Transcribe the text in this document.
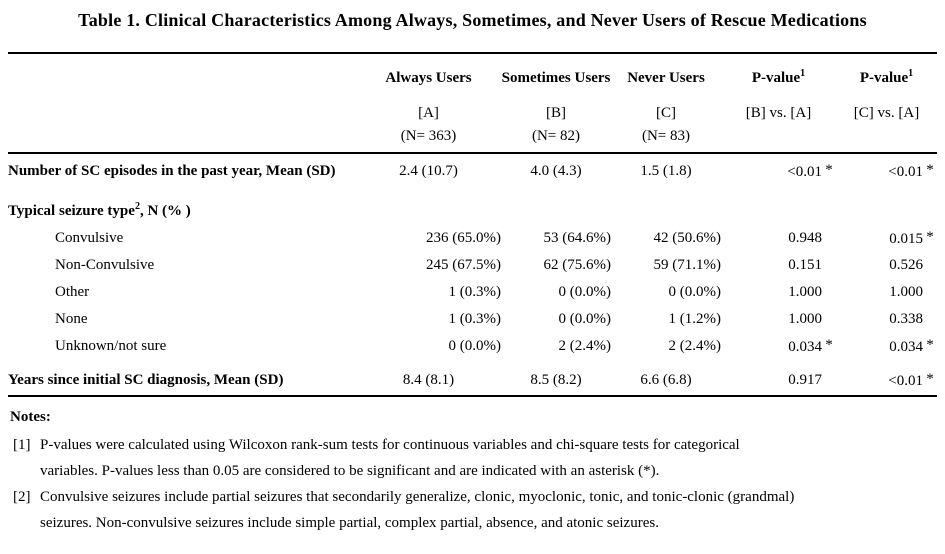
Table 1. Clinical Characteristics Among Always, Sometimes, and Never Users of Rescue Medications
	Always Users	Sometimes Users	Never Users	P-value$^1$	P-value$^1$
	[A]	[B]	[C]	[B] vs. [A]	[C] vs. [A]
	(N= 363)	(N= 82)	(N= 83)		
Number of SC episodes in the past year, Mean (SD)	2.4 (10.7)	4.0 (4.3)	1.5 (1.8)	<0.01 *	<0.01 *
Typical seizure type$^2$, N (% )					
Convulsive	236 (65.0%)	53 (64.6%)	42 (50.6%)	0.948	0.015 *
Non-Convulsive	245 (67.5%)	62 (75.6%)	59 (71.1%)	0.151	0.526
Other	1 (0.3%)	0 (0.0%)	0 (0.0%)	1.000	1.000
None	1 (0.3%)	0 (0.0%)	1 (1.2%)	1.000	0.338
Unknown/not sure	0 (0.0%)	2 (2.4%)	2 (2.4%)	0.034 *	0.034 *
Years since initial SC diagnosis, Mean (SD)	8.4 (8.1)	8.5 (8.2)	6.6 (6.8)	0.917	<0.01 *
Notes:
[1] P-values were calculated using Wilcoxon rank-sum tests for continuous variables and chi-square tests for categorical
variables. P-values less than 0.05 are considered to be significant and are indicated with an asterisk (*).
[2] Convulsive seizures include partial seizures that secondarily generalize, clonic, myoclonic, tonic, and tonic-clonic (grandmal)
seizures. Non-convulsive seizures include simple partial, complex partial, absence, and atonic seizures.
